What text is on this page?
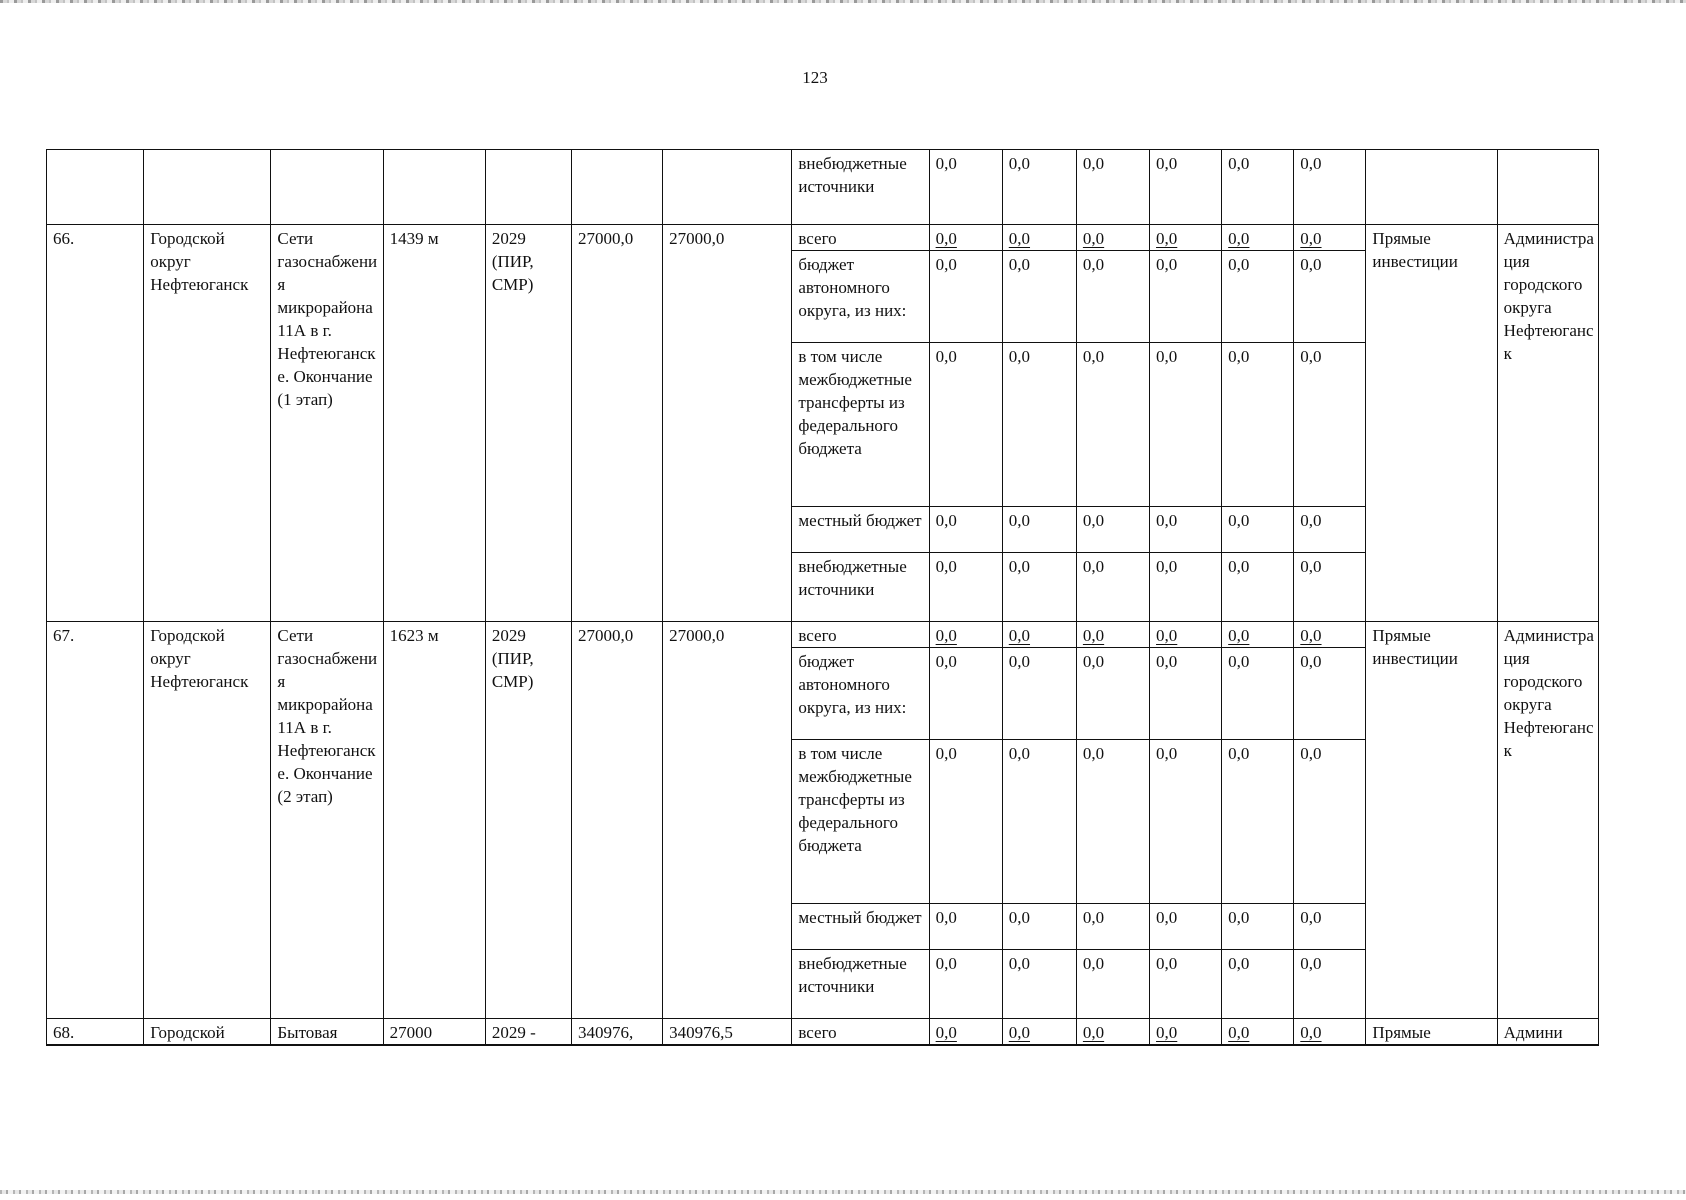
123
							внебюджетные источники	0,0	0,0	0,0	0,0	0,0	0,0		
66.	Городской округ Нефтеюганск	Сети газоснабжения микрорайона 11А в г. Нефтеюганске. Окончание (1 этап)	1439 м	2029 (ПИР, СМР)	27000,0	27000,0	всего	0,0	0,0	0,0	0,0	0,0	0,0	Прямые инвестиции	Администрация городского округа Нефтеюганск
							бюджет автономного округа, из них:	0,0	0,0	0,0	0,0	0,0	0,0		
							в том числе межбюджетные трансферты из федерального бюджета	0,0	0,0	0,0	0,0	0,0	0,0		
							местный бюджет	0,0	0,0	0,0	0,0	0,0	0,0		
							внебюджетные источники	0,0	0,0	0,0	0,0	0,0	0,0		
67.	Городской округ Нефтеюганск	Сети газоснабжения микрорайона 11А в г. Нефтеюганске. Окончание (2 этап)	1623 м	2029 (ПИР, СМР)	27000,0	27000,0	всего	0,0	0,0	0,0	0,0	0,0	0,0	Прямые инвестиции	Администрация городского округа Нефтеюганск
							бюджет автономного округа, из них:	0,0	0,0	0,0	0,0	0,0	0,0		
							в том числе межбюджетные трансферты из федерального бюджета	0,0	0,0	0,0	0,0	0,0	0,0		
							местный бюджет	0,0	0,0	0,0	0,0	0,0	0,0		
							внебюджетные источники	0,0	0,0	0,0	0,0	0,0	0,0		
68.	Городской	Бытовая	27000	2029 -	340976,	340976,5	всего	0,0	0,0	0,0	0,0	0,0	0,0	Прямые	Админи
